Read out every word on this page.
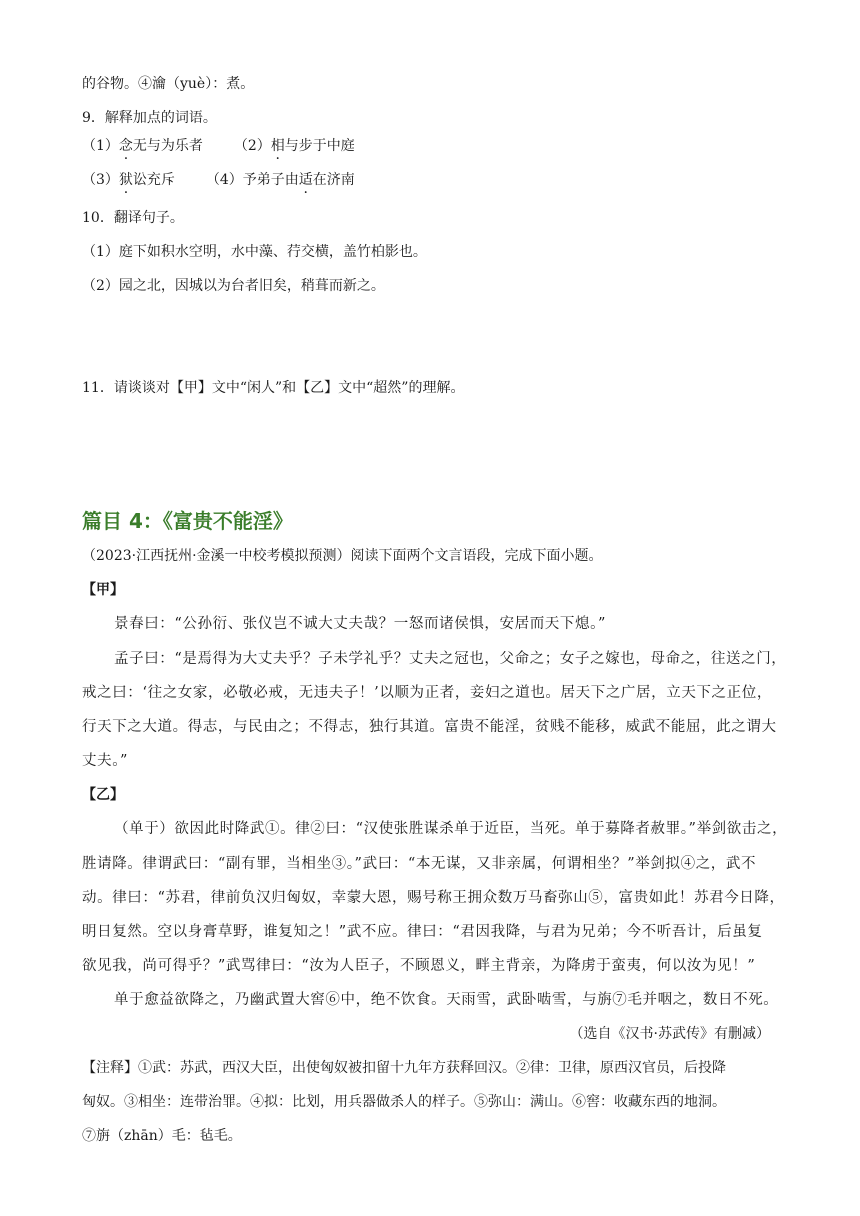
的谷物。④瀹（yuè）：煮。
9．解释加点的词语。
（1）念无与为乐者 （2）相与步于中庭
（3）狱讼充斥 （4）予弟子由适在济南
10．翻译句子。
（1）庭下如积水空明，水中藻、荇交横，盖竹柏影也。
（2）园之北，因城以为台者旧矣，稍葺而新之。
11．请谈谈对【甲】文中“闲人”和【乙】文中“超然”的理解。
篇目 4：《富贵不能淫》
（2023·江西抚州·金溪一中校考模拟预测）阅读下面两个文言语段，完成下面小题。
【甲】
景春曰：“公孙衍、张仪岂不诚大丈夫哉？一怒而诸侯惧，安居而天下熄。”
孟子曰：“是焉得为大丈夫乎？子未学礼乎？丈夫之冠也，父命之；女子之嫁也，母命之，往送之门，
戒之曰：‘往之女家，必敬必戒，无违夫子！’以顺为正者，妾妇之道也。居天下之广居，立天下之正位，
行天下之大道。得志，与民由之；不得志，独行其道。富贵不能淫，贫贱不能移，威武不能屈，此之谓大
丈夫。”
【乙】
（单于）欲因此时降武①。律②曰：“汉使张胜谋杀单于近臣，当死。单于募降者赦罪。”举剑欲击之，
胜请降。律谓武曰：“副有罪，当相坐③。”武曰：“本无谋，又非亲属，何谓相坐？”举剑拟④之，武不
动。律曰：“苏君，律前负汉归匈奴，幸蒙大恩，赐号称王拥众数万马畜弥山⑤，富贵如此！苏君今日降，
明日复然。空以身膏草野，谁复知之！”武不应。律曰：“君因我降，与君为兄弟；今不听吾计，后虽复
欲见我，尚可得乎？”武骂律曰：“汝为人臣子，不顾恩义，畔主背亲，为降虏于蛮夷，何以汝为见！”
单于愈益欲降之，乃幽武置大窖⑥中，绝不饮食。天雨雪，武卧啮雪，与旃⑦毛并咽之，数日不死。
（选自《汉书·苏武传》有删减）
【注释】①武：苏武，西汉大臣，出使匈奴被扣留十九年方获释回汉。②律：卫律，原西汉官员，后投降
匈奴。③相坐：连带治罪。④拟：比划，用兵器做杀人的样子。⑤弥山：满山。⑥窖：收藏东西的地洞。
⑦旃（zhān）毛：毡毛。
